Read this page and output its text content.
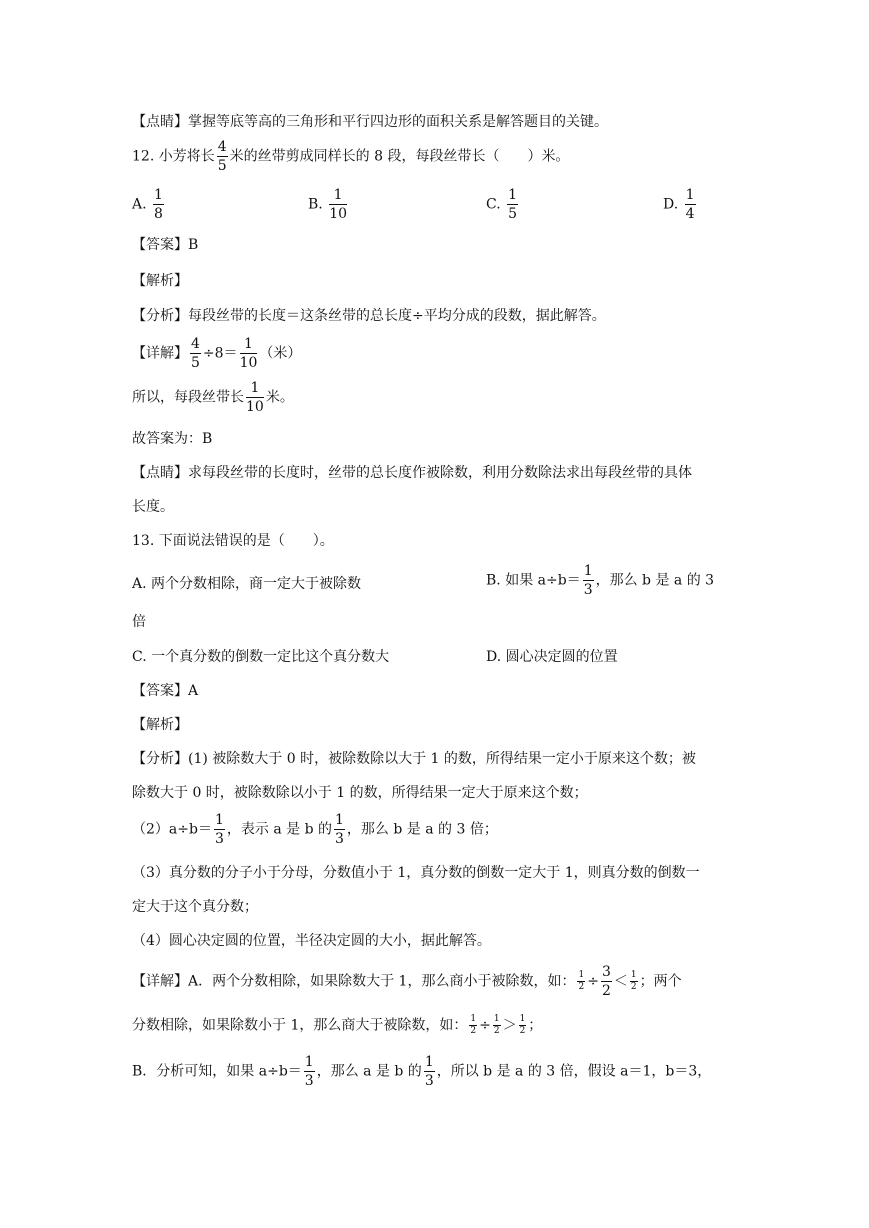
【点睛】掌握等底等高的三角形和平行四边形的面积关系是解答题目的关键。
12. 小芳将长 $\frac{4}{5}$ 米的丝带剪成同样长的 8 段，每段丝带长（　　）米。
A. $\frac{1}{8}$	B. $\frac{1}{10}$	C. $\frac{1}{5}$	D. $\frac{1}{4}$
【答案】B
【解析】
【分析】每段丝带的长度＝这条丝带的总长度÷平均分成的段数，据此解答。
【详解】 $\frac{4}{5} \div 8= \frac{1}{10}$ （米）
所以，每段丝带长 $\frac{1}{10}$ 米。
故答案为：B
【点睛】求每段丝带的长度时，丝带的总长度作被除数，利用分数除法求出每段丝带的具体
长度。
13. 下面说法错误的是（　　）。
A. 两个分数相除，商一定大于被除数	B. 如果 $a\div b= \frac{1}{3}$ ，那么 b 是 a 的 3
倍
C. 一个真分数的倒数一定比这个真分数大	D. 圆心决定圆的位置
【答案】A
【解析】
【分析】(1) 被除数大于 0 时，被除数除以大于 1 的数，所得结果一定小于原来这个数；被
除数大于 0 时，被除数除以小于 1 的数，所得结果一定大于原来这个数；
$(2)a\div b= \frac{1}{3}$ ，表示 a 是 b 的 $\frac{1}{3}$ ，那么 b 是 a 的 3 倍；
（3）真分数的分子小于分母，分数值小于 1，真分数的倒数一定大于 1，则真分数的倒数一
定大于这个真分数；
（4）圆心决定圆的位置，半径决定圆的大小，据此解答。
【详解】A．两个分数相除，如果除数大于 1，那么商小于被除数，如： $\frac{1}{2} \div \frac{3}{2} < \frac{1}{2}$ ；两个
分数相除，如果除数小于 1，那么商大于被除数，如： $\frac{1}{2} \div \frac{1}{2} > \frac{1}{2}$ ；
B．分析可知，如果 $a\div b= \frac{1}{3}$ ，那么 a 是 b 的 $\frac{1}{3}$ ，所以 b 是 a 的 3 倍，假设 a＝1，b＝3，
